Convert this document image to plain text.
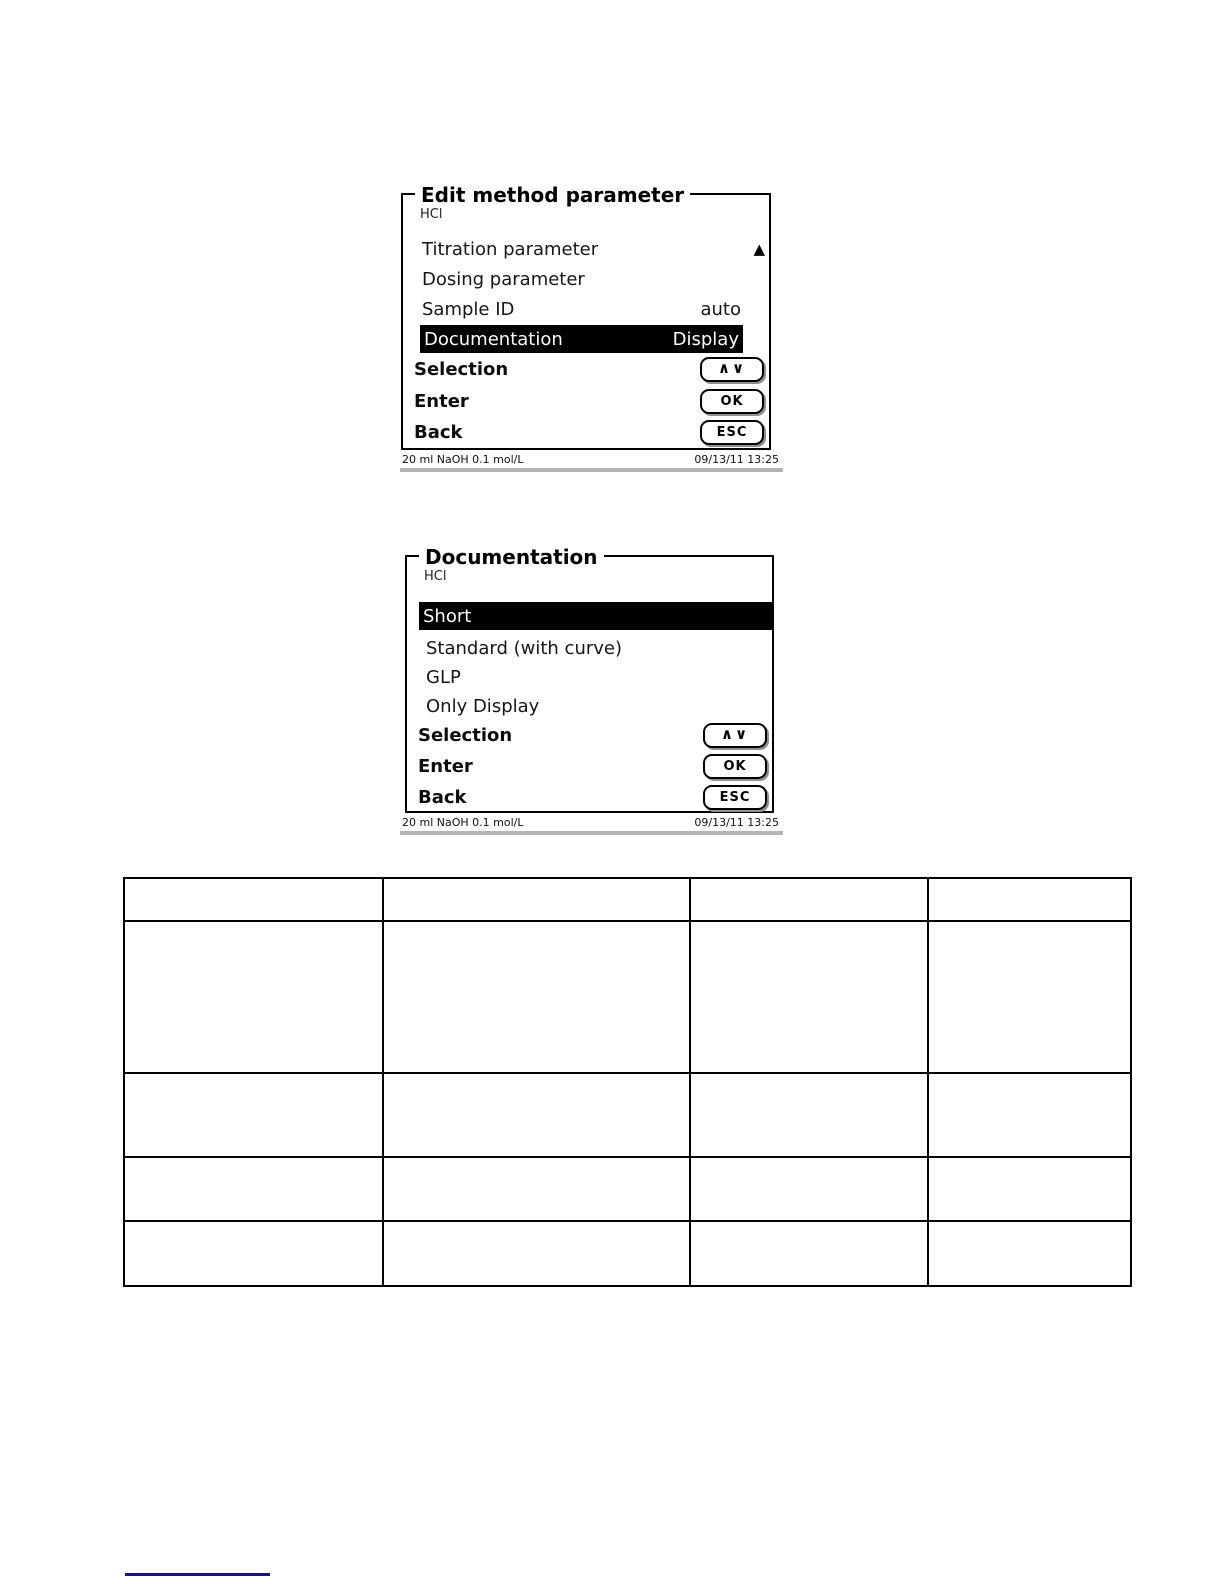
Edit method parameter
HCl
Titration parameter	▲
Dosing parameter
Sample ID	auto
Documentation	Display
Selection	∧∨
Enter	OK
Back	ESC
20 ml NaOH 0.1 mol/L	09/13/11 13:25
Documentation
HCl
Short
Standard (with curve)
GLP
Only Display
Selection	∧∨
Enter	OK
Back	ESC
20 ml NaOH 0.1 mol/L	09/13/11 13:25
